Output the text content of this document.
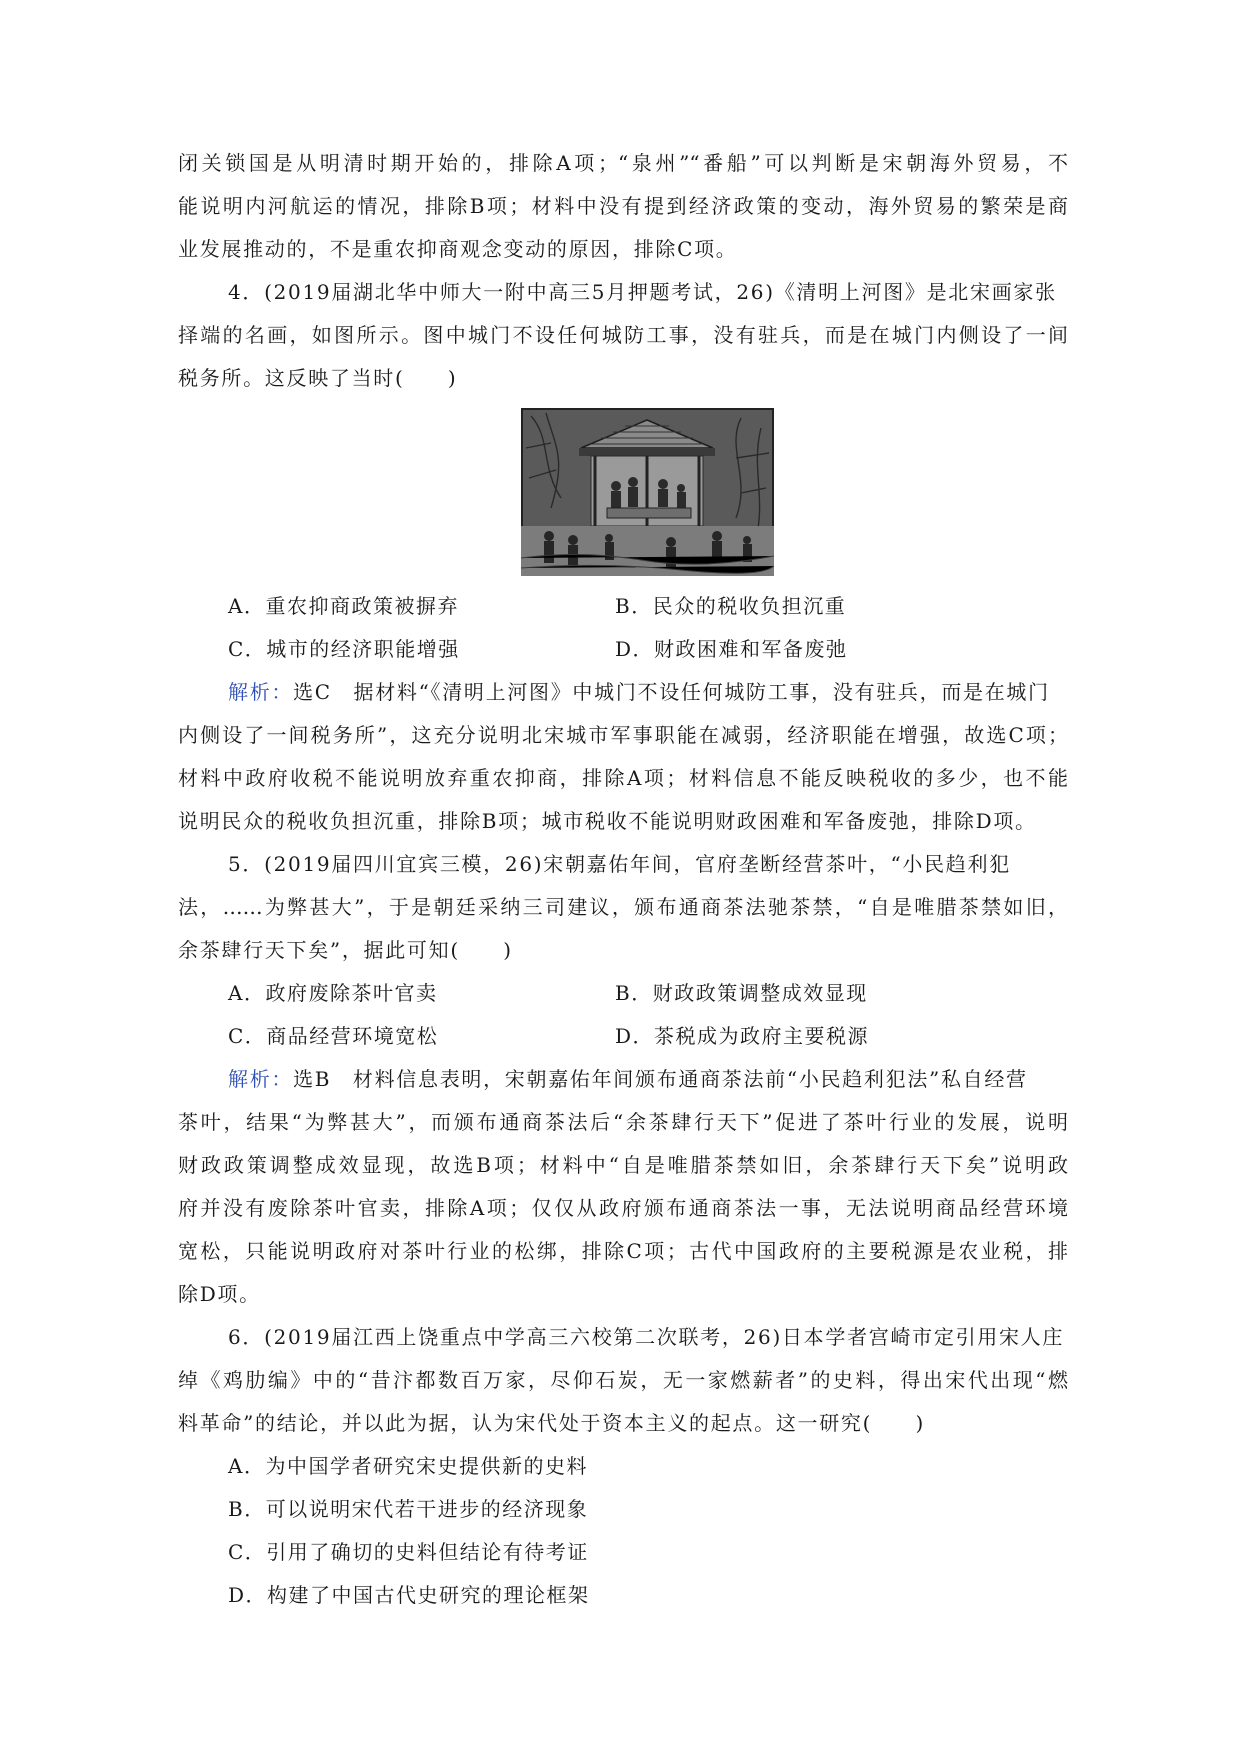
闭关锁国是从明清时期开始的，排除A项；“泉州”“番船”可以判断是宋朝海外贸易，不
能说明内河航运的情况，排除B项；材料中没有提到经济政策的变动，海外贸易的繁荣是商
业发展推动的，不是重农抑商观念变动的原因，排除C项。
4．(2019届湖北华中师大一附中高三5月押题考试，26)《清明上河图》是北宋画家张
择端的名画，如图所示。图中城门不设任何城防工事，没有驻兵，而是在城门内侧设了一间
税务所。这反映了当时(　　)
A．重农抑商政策被摒弃	B．民众的税收负担沉重
C．城市的经济职能增强	D．财政困难和军备废弛
解析：选C　据材料“《清明上河图》中城门不设任何城防工事，没有驻兵，而是在城门
内侧设了一间税务所”，这充分说明北宋城市军事职能在减弱，经济职能在增强，故选C项；
材料中政府收税不能说明放弃重农抑商，排除A项；材料信息不能反映税收的多少，也不能
说明民众的税收负担沉重，排除B项；城市税收不能说明财政困难和军备废弛，排除D项。
5．(2019届四川宜宾三模，26)宋朝嘉佑年间，官府垄断经营茶叶，“小民趋利犯
法，……为弊甚大”，于是朝廷采纳三司建议，颁布通商茶法驰茶禁，“自是唯腊茶禁如旧，
余茶肆行天下矣”，据此可知(　　)
A．政府废除茶叶官卖	B．财政政策调整成效显现
C．商品经营环境宽松	D．茶税成为政府主要税源
解析：选B　材料信息表明，宋朝嘉佑年间颁布通商茶法前“小民趋利犯法”私自经营
茶叶，结果“为弊甚大”，而颁布通商茶法后“余茶肆行天下”促进了茶叶行业的发展，说明
财政政策调整成效显现，故选B项；材料中“自是唯腊茶禁如旧，余茶肆行天下矣”说明政
府并没有废除茶叶官卖，排除A项；仅仅从政府颁布通商茶法一事，无法说明商品经营环境
宽松，只能说明政府对茶叶行业的松绑，排除C项；古代中国政府的主要税源是农业税，排
除D项。
6．(2019届江西上饶重点中学高三六校第二次联考，26)日本学者宫崎市定引用宋人庄
绰《鸡肋编》中的“昔汴都数百万家，尽仰石炭，无一家燃薪者”的史料，得出宋代出现“燃
料革命”的结论，并以此为据，认为宋代处于资本主义的起点。这一研究(　　)
A．为中国学者研究宋史提供新的史料
B．可以说明宋代若干进步的经济现象
C．引用了确切的史料但结论有待考证
D．构建了中国古代史研究的理论框架
